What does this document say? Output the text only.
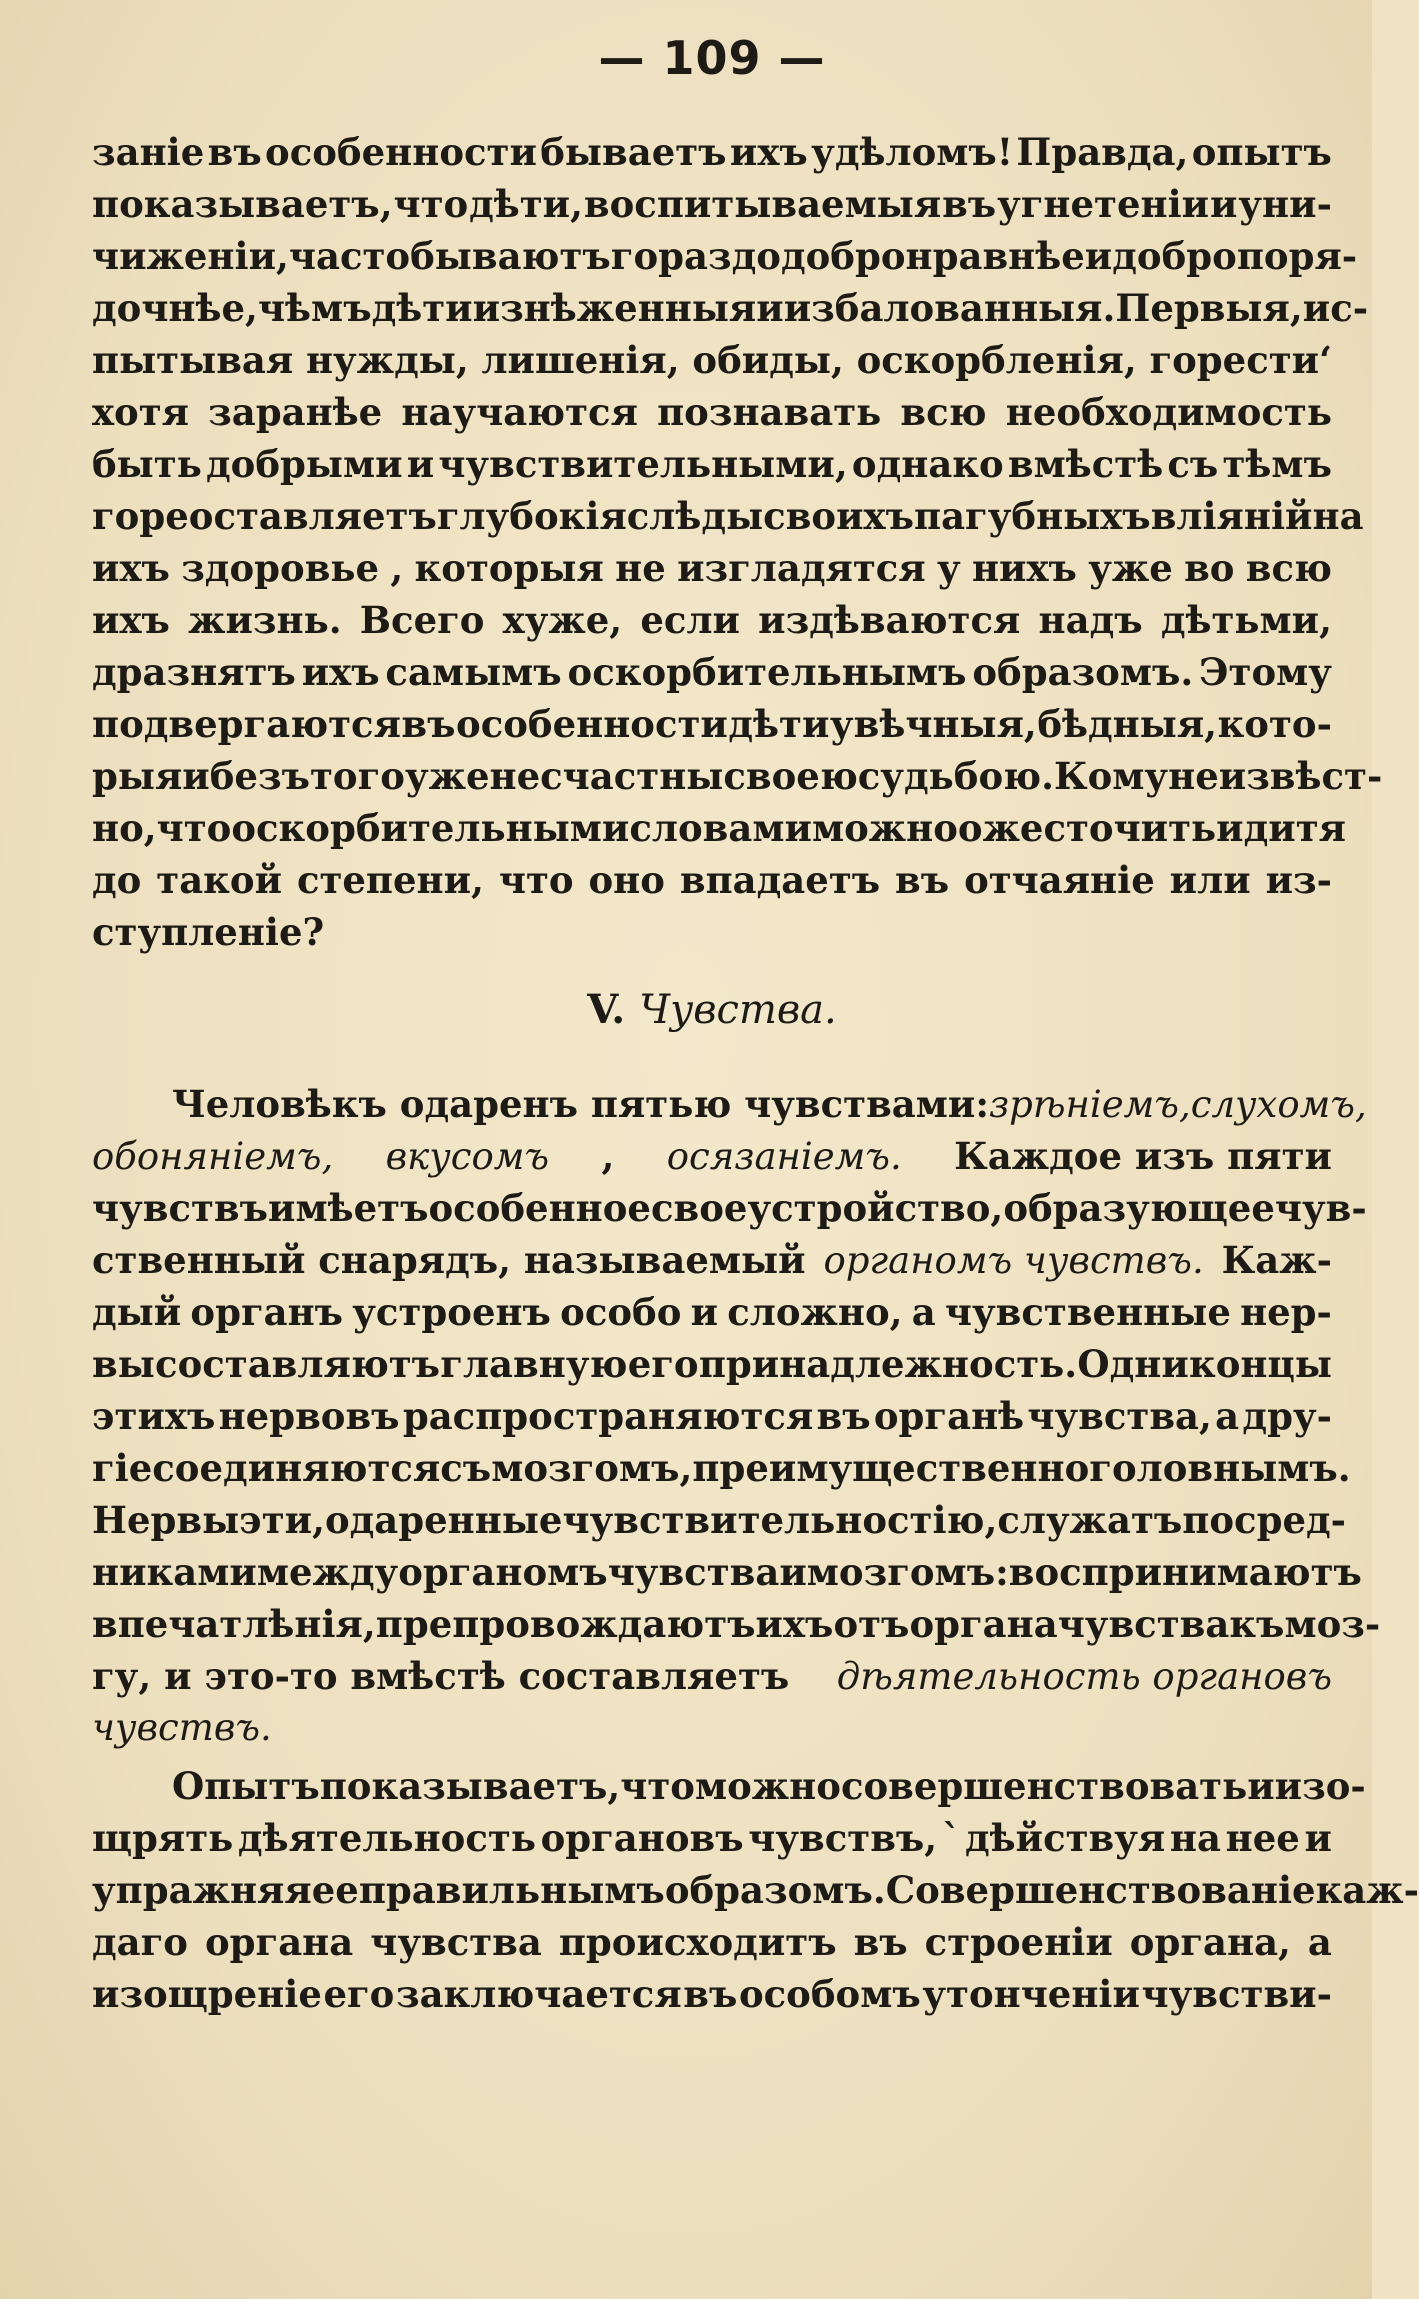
— 109 —
заніе въ особенности бываетъ ихъ удѣломъ! Правда, опытъ
показываетъ, что дѣти, воспитываемыя въ угнетеніи и уни-
чиженіи, часто бываютъ гораздо добронравнѣе и добропоря-
дочнѣе, чѣмъ дѣти изнѣженныя и избалованныя. Первыя, ис-
пытывая нужды, лишенія, обиды, оскорбленія, горести‘
хотя заранѣе научаются познавать всю необходимость
быть добрыми и чувствительными, однако вмѣстѣ съ тѣмъ
горе оставляетъ глубокія слѣды своихъ пагубныхъ вліяній на
ихъ здоровье , которыя не изгладятся у нихъ уже во всю
ихъ жизнь. Всего хуже, если издѣваются надъ дѣтьми,
дразнятъ ихъ самымъ оскорбительнымъ образомъ. Этому
подвергаются въ особенности дѣти увѣчныя, бѣдныя, кото-
рыя и безъ того уже несчастны своею судьбою. Кому не извѣст-
но, что оскорбительными словами можно ожесточить и дитя
до такой степени, что оно впадаетъ въ отчаяніе или из-
ступленіе?
V. Чувства.
Человѣкъ одаренъ пятью чувствами: зрѣніемъ, слухомъ,
обоняніемъ, вкусомъ , осязаніемъ. Каждое изъ пяти
чувствъ имѣетъ особенное свое устройство, образующее чув-
ственный снарядъ, называемый органомъ чувствъ. Каж-
дый органъ устроенъ особо и сложно, а чувственные нер-
вы составляютъ главную его принадлежность. Одни концы
этихъ нервовъ распространяются въ органѣ чувства, а дру-
гіе соединяются съ мозгомъ, преимущественно головнымъ.
Нервы эти, одаренные чувствительностію, служатъ посред-
никами между органомъ чувства и мозгомъ: воспринимаютъ
впечатлѣнія, препровождаютъ ихъ отъ органа чувства къ моз-
гу, и это-то вмѣстѣ составляетъ дѣятельность органовъ
чувствъ.
Опытъ показываетъ, что можно совершенствовать и изо-
щрять дѣятельность органовъ чувствъ, ` дѣйствуя на нее и
упражняя ее правильнымъ образомъ. Совершенствованіе каж-
даго органа чувства происходитъ въ строеніи органа, а
изощреніе его заключается въ особомъ утонченіи чувстви-
